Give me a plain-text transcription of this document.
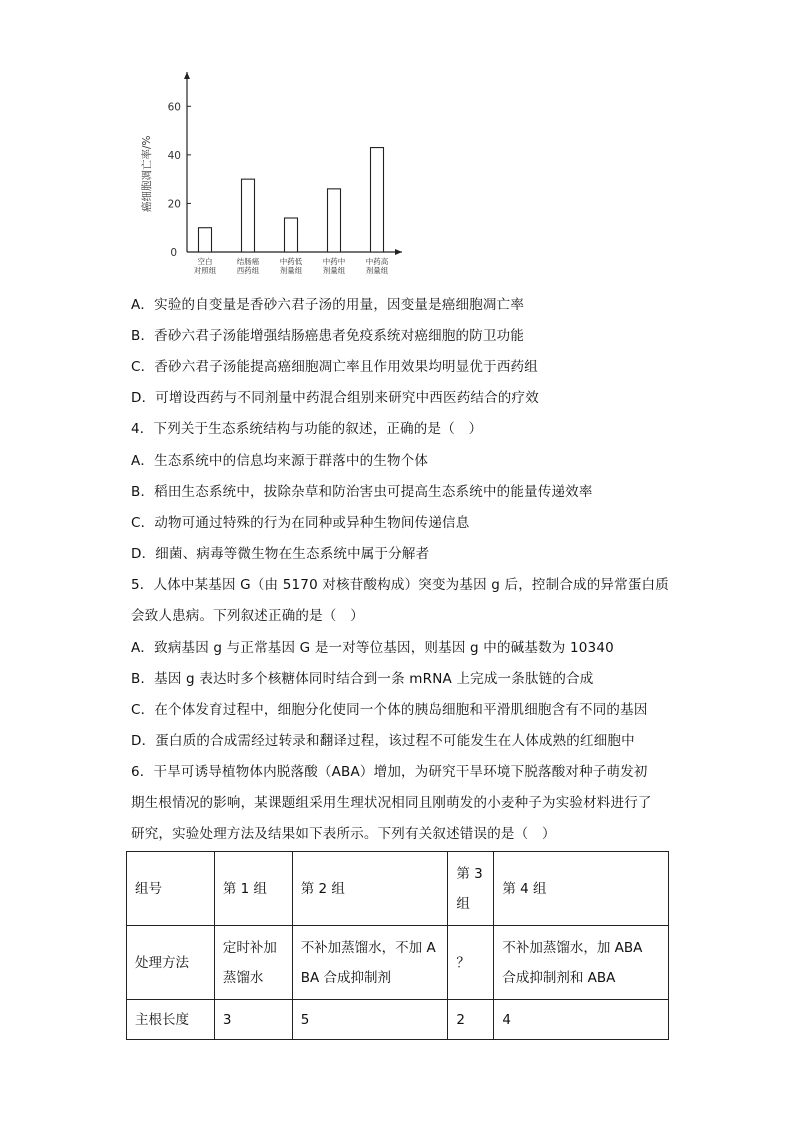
0
20
40
60
空白
对照组
结肠癌
西药组
中药低
剂量组
中药中
剂量组
中药高
剂量组
癌细胞凋亡率/%
A．实验的自变量是香砂六君子汤的用量，因变量是癌细胞凋亡率
B．香砂六君子汤能增强结肠癌患者免疫系统对癌细胞的防卫功能
C．香砂六君子汤能提高癌细胞凋亡率且作用效果均明显优于西药组
D．可增设西药与不同剂量中药混合组别来研究中西医药结合的疗效
4．下列关于生态系统结构与功能的叙述，正确的是（　）
A．生态系统中的信息均来源于群落中的生物个体
B．稻田生态系统中，拔除杂草和防治害虫可提高生态系统中的能量传递效率
C．动物可通过特殊的行为在同种或异种生物间传递信息
D．细菌、病毒等微生物在生态系统中属于分解者
5．人体中某基因 G（由 5170 对核苷酸构成）突变为基因 g 后，控制合成的异常蛋白质
会致人患病。下列叙述正确的是（　）
A．致病基因 g 与正常基因 G 是一对等位基因，则基因 g 中的碱基数为 10340
B．基因 g 表达时多个核糖体同时结合到一条 mRNA 上完成一条肽链的合成
C．在个体发育过程中，细胞分化使同一个体的胰岛细胞和平滑肌细胞含有不同的基因
D．蛋白质的合成需经过转录和翻译过程，该过程不可能发生在人体成熟的红细胞中
6．干旱可诱导植物体内脱落酸（ABA）增加，为研究干旱环境下脱落酸对种子萌发初
期生根情况的影响，某课题组采用生理状况相同且刚萌发的小麦种子为实验材料进行了
研究，实验处理方法及结果如下表所示。下列有关叙述错误的是（　）
组号	第 1 组	第 2 组	第 3 组	第 4 组
处理方法	定时补加蒸馏水	不补加蒸馏水，不加 ABA 合成抑制剂	？	不补加蒸馏水，加 ABA 合成抑制剂和 ABA
主根长度	3	5	2	4
